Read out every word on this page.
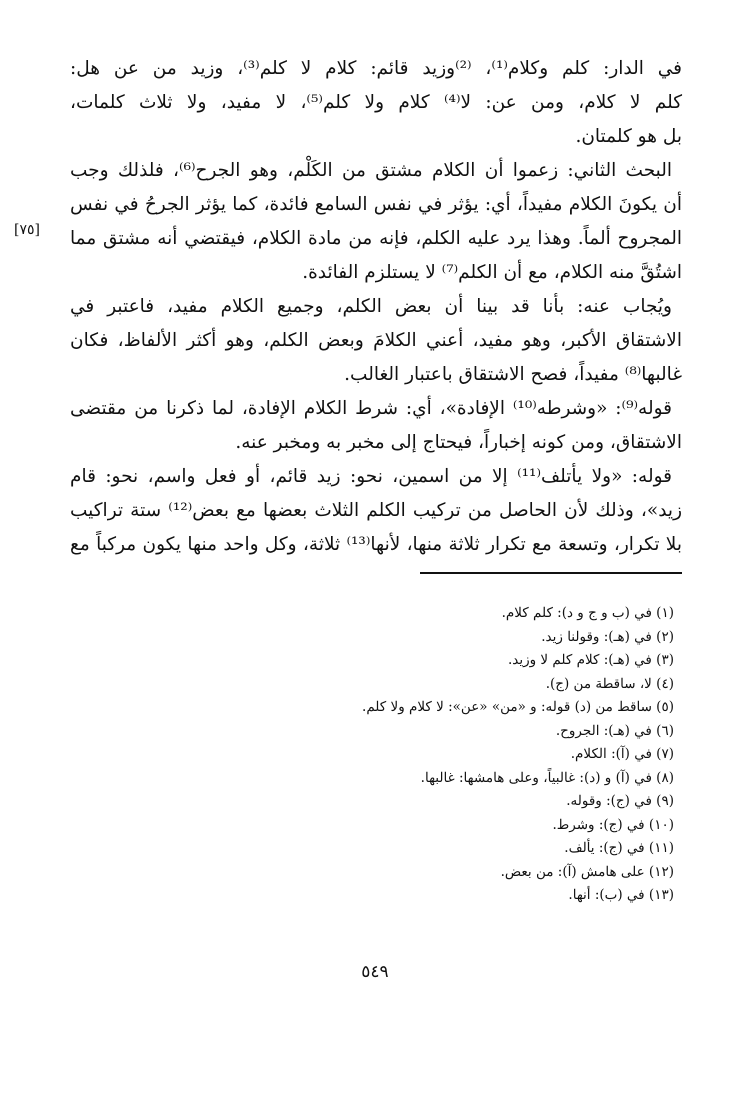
في الدار: كلم وكلام⁽¹⁾، ⁽²⁾وزيد قائم: كلام لا كلم⁽³⁾، وزيد من عن هل:
كلم لا كلام، ومن عن: لا⁽⁴⁾ كلام ولا كلم⁽⁵⁾، لا مفيد، ولا ثلاث كلمات،
بل هو كلمتان.
البحث الثاني: زعموا أن الكلام مشتق من الكَلْم، وهو الجرح⁽⁶⁾، فلذلك وجب
أن يكونَ الكلام مفيداً، أي: يؤثر في نفس السامع فائدة، كما يؤثر الجرحُ في نفس
المجروح ألماً. وهذا يرد عليه الكلم، فإنه من مادة الكلام، فيقتضي أنه مشتق مما
اشتُقَّ منه الكلام، مع أن الكلم⁽⁷⁾ لا يستلزم الفائدة.
ويُجاب عنه: بأنا قد بينا أن بعض الكلم، وجميع الكلام مفيد، فاعتبر في
الاشتقاق الأكبر، وهو مفيد، أعني الكلامَ وبعض الكلم، وهو أكثر الألفاظ، فكان
غالبها⁽⁸⁾ مفيداً، فصح الاشتقاق باعتبار الغالب.
قوله⁽⁹⁾: «وشرطه⁽¹⁰⁾ الإفادة»، أي: شرط الكلام الإفادة، لما ذكرنا من مقتضى
الاشتقاق، ومن كونه إخباراً، فيحتاج إلى مخبر به ومخبر عنه.
قوله: «ولا يأتلف⁽¹¹⁾ إلا من اسمين، نحو: زيد قائم، أو فعل واسم، نحو: قام
زيد»، وذلك لأن الحاصل من تركيب الكلم الثلاث بعضها مع بعض⁽¹²⁾ ستة تراكيب
بلا تكرار، وتسعة مع تكرار ثلاثة منها، لأنها⁽¹³⁾ ثلاثة، وكل واحد منها يكون مركباً مع
[٧٥]
(١) في (ب و ج و د): كلم كلام.
(٢) في (هـ): وقولنا زيد.
(٣) في (هـ): كلام كلم لا وزيد.
(٤) لا، ساقطة من (ج).
(٥) ساقط من (د) قوله: و «من» «عن»: لا كلام ولا كلم.
(٦) في (هـ): الجروح.
(٧) في (آ): الكلام.
(٨) في (آ) و (د): غالبياً، وعلى هامشها: غالبها.
(٩) في (ج): وقوله.
(١٠) في (ج): وشرط.
(١١) في (ج): يألف.
(١٢) على هامش (آ): من بعض.
(١٣) في (ب): أنها.
٥٤٩
